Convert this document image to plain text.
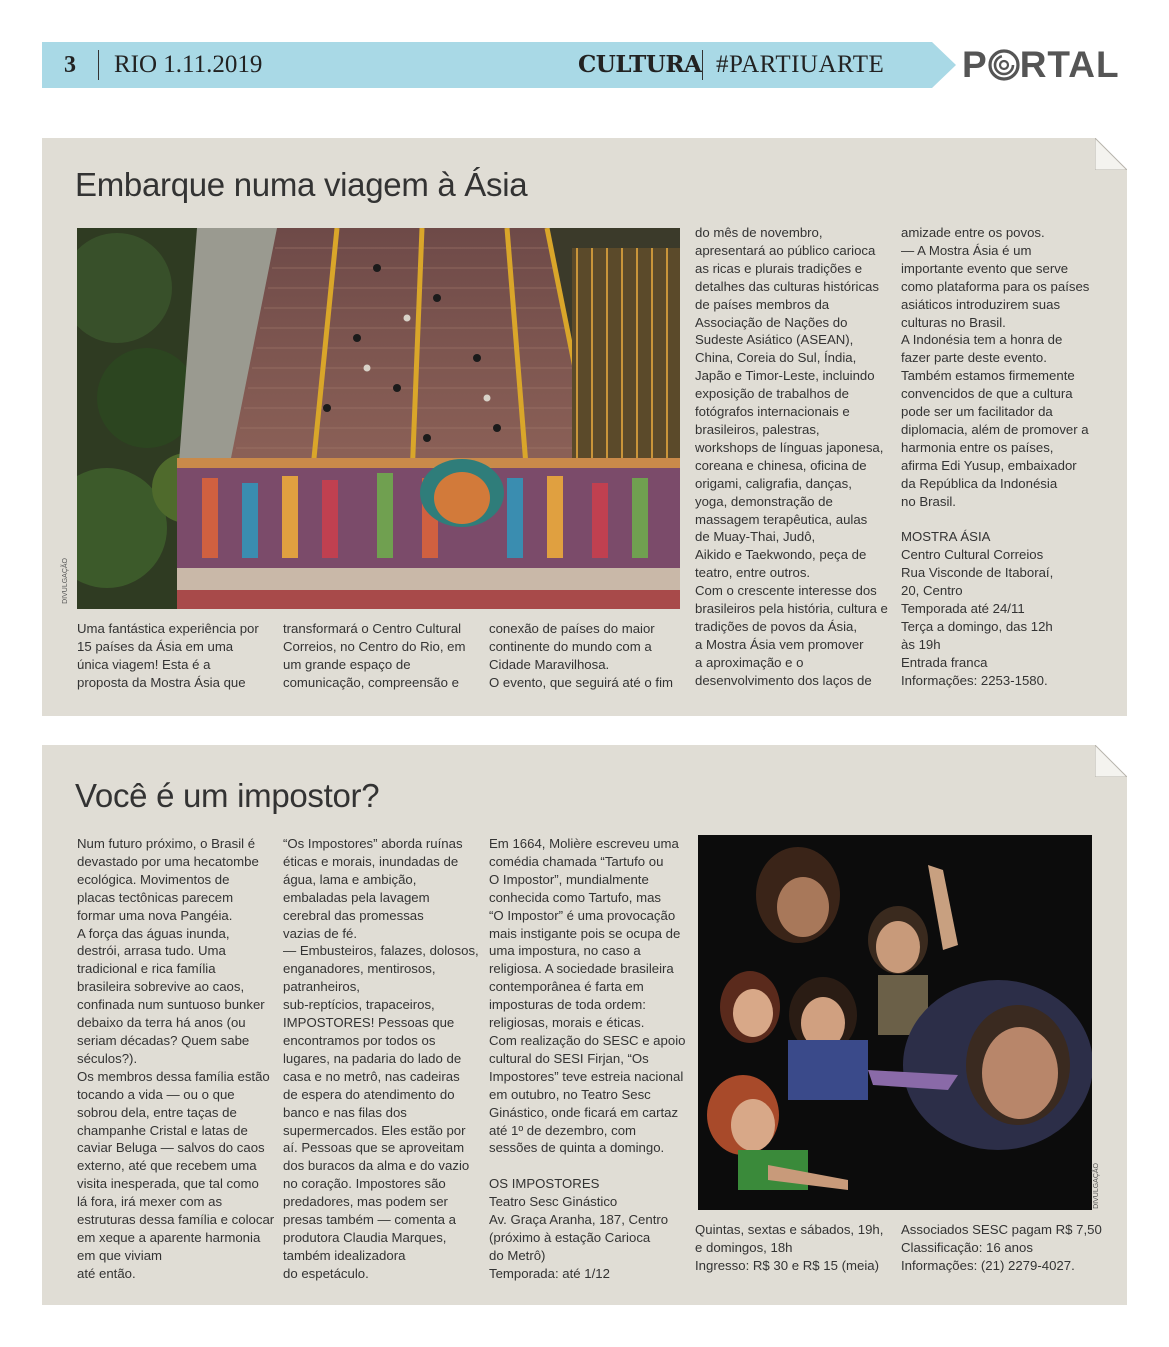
3 RIO 1.11.2019	CULTURA #PARTIUARTE P RTAL
Embarque numa viagem à Ásia
DIVULGAÇÃO

Uma fantástica experiência por

15 países da Ásia em uma

única viagem! Esta é a

proposta da Mostra Ásia que

transformará o Centro Cultural

Correios, no Centro do Rio, em

um grande espaço de

comunicação, compreensão e

conexão de países do maior

continente do mundo com a

Cidade Maravilhosa.

O evento, que seguirá até o fim

do mês de novembro,

apresentará ao público carioca

as ricas e plurais tradições e

detalhes das culturas históricas

de países membros da

Associação de Nações do

Sudeste Asiático (ASEAN),

China, Coreia do Sul, Índia,

Japão e Timor-Leste, incluindo

exposição de trabalhos de

fotógrafos internacionais e

brasileiros, palestras,

workshops de línguas japonesa,

coreana e chinesa, oficina de

origami, caligrafia, danças,

yoga, demonstração de

massagem terapêutica, aulas

de Muay-Thai, Judô,

Aikido e Taekwondo, peça de

teatro, entre outros.

Com o crescente interesse dos

brasileiros pela história, cultura e

tradições de povos da Ásia,

a Mostra Ásia vem promover

a aproximação e o

desenvolvimento dos laços de

amizade entre os povos.

— A Mostra Ásia é um

importante evento que serve

como plataforma para os países

asiáticos introduzirem suas

culturas no Brasil.

A Indonésia tem a honra de

fazer parte deste evento.

Também estamos firmemente

convencidos de que a cultura

pode ser um facilitador da

diplomacia, além de promover a

harmonia entre os países,

afirma Edi Yusup, embaixador

da República da Indonésia

no Brasil.

MOSTRA ÁSIA

Centro Cultural Correios

Rua Visconde de Itaboraí,

20, Centro

Temporada até 24/11

Terça a domingo, das 12h

às 19h

Entrada franca

Informações: 2253-1580.

Você é um impostor?

Num futuro próximo, o Brasil é

devastado por uma hecatombe

ecológica. Movimentos de

placas tectônicas parecem

formar uma nova Pangéia.

A força das águas inunda,

destrói, arrasa tudo. Uma

tradicional e rica família

brasileira sobrevive ao caos,

confinada num suntuoso bunker

debaixo da terra há anos (ou

seriam décadas? Quem sabe

séculos?).

Os membros dessa família estão

tocando a vida — ou o que

sobrou dela, entre taças de

champanhe Cristal e latas de

caviar Beluga — salvos do caos

externo, até que recebem uma

visita inesperada, que tal como

lá fora, irá mexer com as

estruturas dessa família e colocar

em xeque a aparente harmonia

em que viviam

até então.

“Os Impostores” aborda ruínas

éticas e morais, inundadas de

água, lama e ambição,

embaladas pela lavagem

cerebral das promessas

vazias de fé.

— Embusteiros, falazes, dolosos,

enganadores, mentirosos,

patranheiros,

sub-reptícios, trapaceiros,

IMPOSTORES! Pessoas que

encontramos por todos os

lugares, na padaria do lado de

casa e no metrô, nas cadeiras

de espera do atendimento do

banco e nas filas dos

supermercados. Eles estão por

aí. Pessoas que se aproveitam

dos buracos da alma e do vazio

no coração. Impostores são

predadores, mas podem ser

presas também — comenta a

produtora Claudia Marques,

também idealizadora

do espetáculo.

Em 1664, Molière escreveu uma

comédia chamada “Tartufo ou

O Impostor”, mundialmente

conhecida como Tartufo, mas

“O Impostor” é uma provocação

mais instigante pois se ocupa de

uma impostura, no caso a

religiosa. A sociedade brasileira

contemporânea é farta em

imposturas de toda ordem:

religiosas, morais e éticas.

Com realização do SESC e apoio

cultural do SESI Firjan, “Os

Impostores” teve estreia nacional

em outubro, no Teatro Sesc

Ginástico, onde ficará em cartaz

até 1º de dezembro, com

sessões de quinta a domingo.

OS IMPOSTORES

Teatro Sesc Ginástico

Av. Graça Aranha, 187, Centro

(próximo à estação Carioca

do Metrô)

Temporada: até 1/12

DIVULGAÇÃO

Quintas, sextas e sábados, 19h,

e domingos, 18h

Ingresso: R$ 30 e R$ 15 (meia)

Associados SESC pagam R$ 7,50

Classificação: 16 anos

Informações: (21) 2279-4027.
